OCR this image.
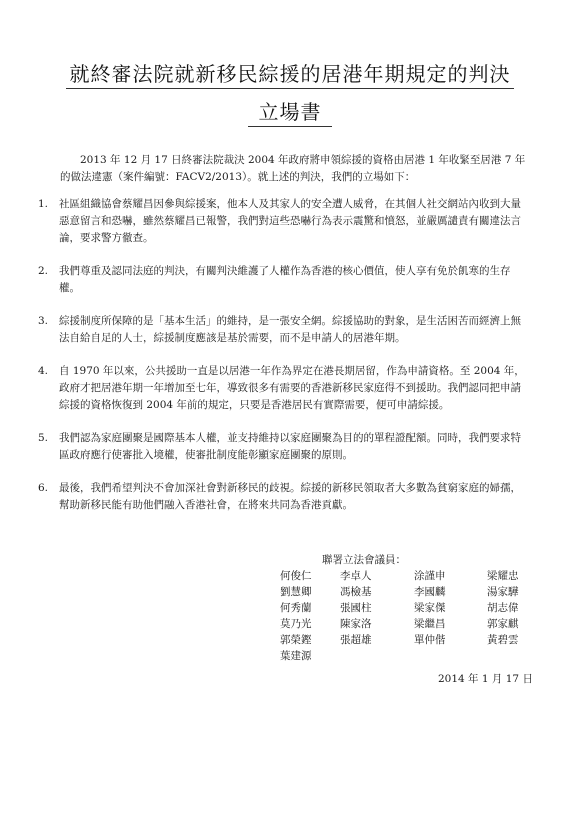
就終審法院就新移民綜援的居港年期規定的判決
立場書
2013 年 12 月 17 日終審法院裁決 2004 年政府將申領綜援的資格由居港 1 年收緊至居港 7 年的做法違憲（案件編號：FACV2/2013）。就上述的判決，我們的立場如下：
1. 社區組織協會蔡耀昌因參與綜援案，他本人及其家人的安全遭人威脅，在其個人社交網站內收到大量惡意留言和恐嚇，雖然蔡耀昌已報警，我們對這些恐嚇行為表示震驚和憤怒，並嚴厲譴責有關違法言論，要求警方徹查。
2. 我們尊重及認同法庭的判決，有關判決維護了人權作為香港的核心價值，使人享有免於飢寒的生存權。
3. 綜援制度所保障的是「基本生活」的維持，是一張安全網。綜援協助的對象，是生活困苦而經濟上無法自給自足的人士，綜援制度應該是基於需要，而不是申請人的居港年期。
4. 自 1970 年以來，公共援助一直是以居港一年作為界定在港長期居留，作為申請資格。至 2004 年，政府才把居港年期一年增加至七年，導致很多有需要的香港新移民家庭得不到援助。我們認同把申請綜援的資格恢復到 2004 年前的規定，只要是香港居民有實際需要，便可申請綜援。
5. 我們認為家庭團聚是國際基本人權，並支持維持以家庭團聚為目的的單程證配額。同時，我們要求特區政府應行使審批入境權，使審批制度能彰顯家庭團聚的原則。
6. 最後，我們希望判決不會加深社會對新移民的歧視。綜援的新移民領取者大多數為貧窮家庭的婦孺，幫助新移民能有助他們融入香港社會，在將來共同為香港貢獻。
聯署立法會議員：
何俊仁	李卓人	涂謹申	梁耀忠
劉慧卿	馮檢基	李國麟	湯家驊
何秀蘭	張國柱	梁家傑	胡志偉
莫乃光	陳家洛	梁繼昌	郭家麒
郭榮鏗	張超雄	單仲偕	黃碧雲
葉建源
2014 年 1 月 17 日
